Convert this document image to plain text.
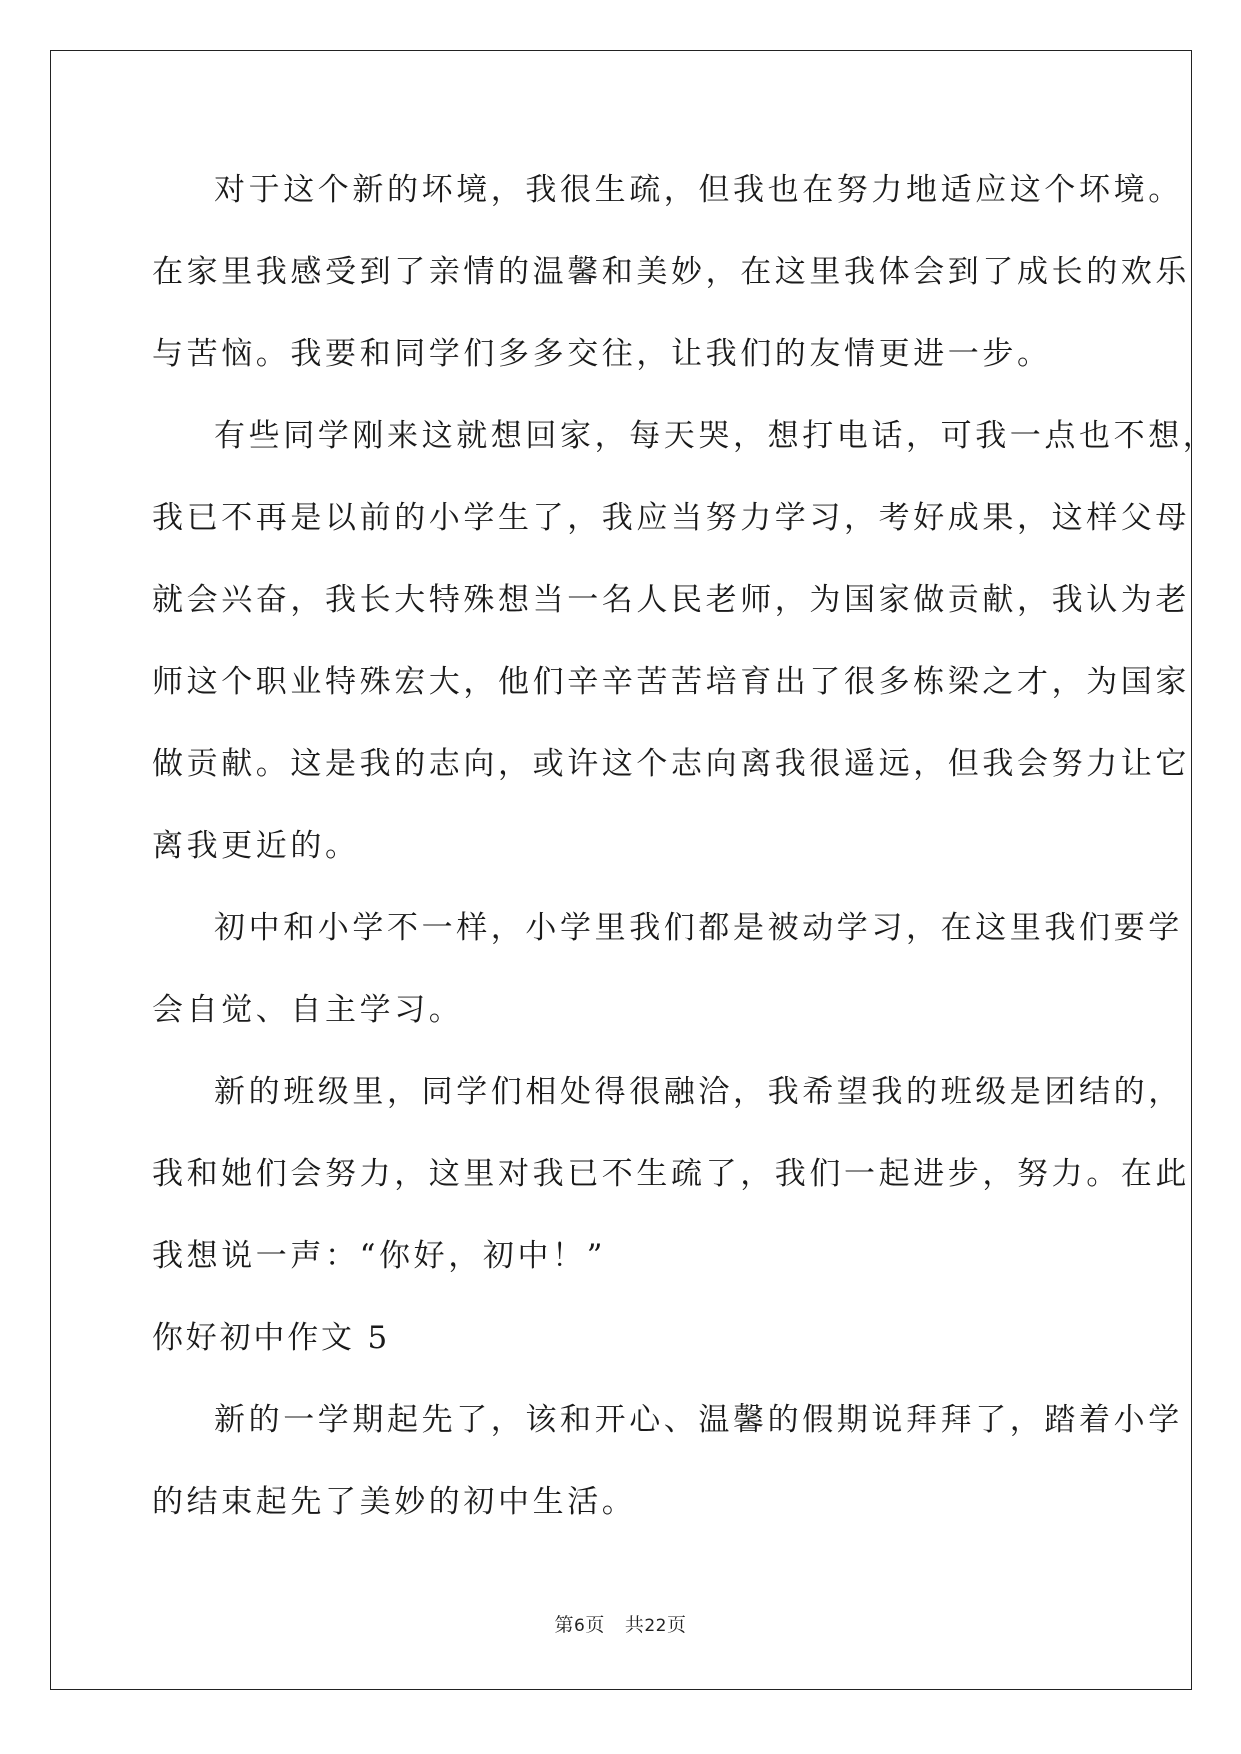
对于这个新的坏境，我很生疏，但我也在努力地适应这个坏境。
在家里我感受到了亲情的温馨和美妙，在这里我体会到了成长的欢乐
与苦恼。我要和同学们多多交往，让我们的友情更进一步。
有些同学刚来这就想回家，每天哭，想打电话，可我一点也不想，
我已不再是以前的小学生了，我应当努力学习，考好成果，这样父母
就会兴奋，我长大特殊想当一名人民老师，为国家做贡献，我认为老
师这个职业特殊宏大，他们辛辛苦苦培育出了很多栋梁之才，为国家
做贡献。这是我的志向，或许这个志向离我很遥远，但我会努力让它
离我更近的。
初中和小学不一样，小学里我们都是被动学习，在这里我们要学
会自觉、自主学习。
新的班级里，同学们相处得很融洽，我希望我的班级是团结的，
我和她们会努力，这里对我已不生疏了，我们一起进步，努力。在此
我想说一声：“你好，初中！”
你好初中作文 5
新的一学期起先了，该和开心、温馨的假期说拜拜了，踏着小学
的结束起先了美妙的初中生活。
第6页 共22页
